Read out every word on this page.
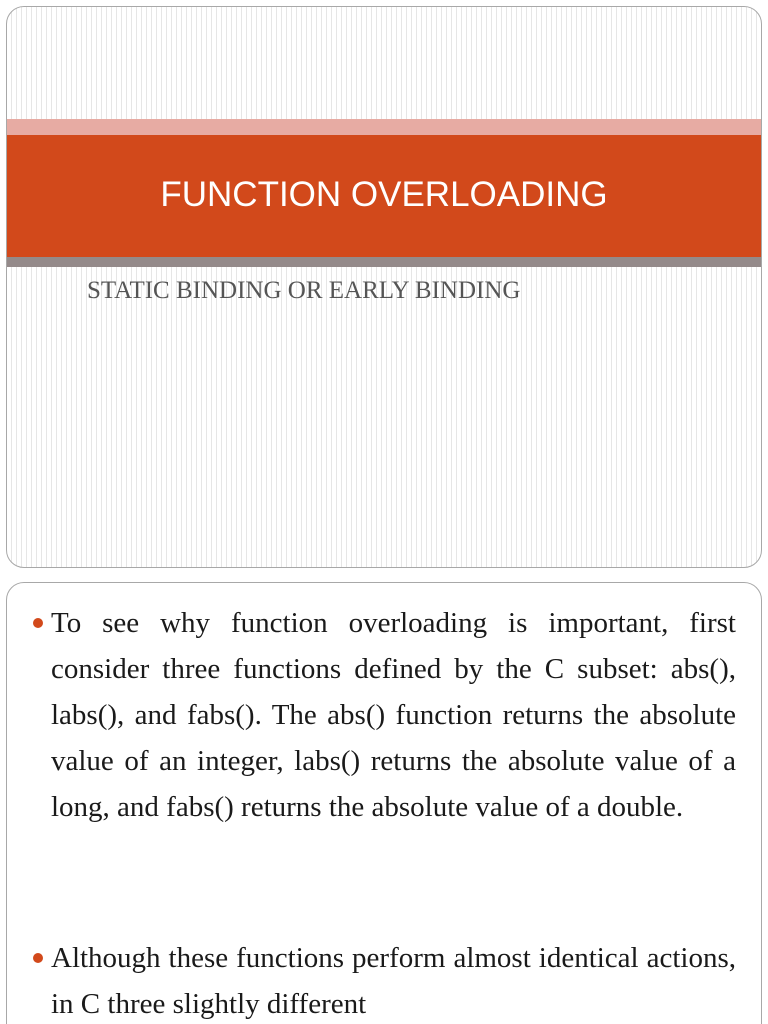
FUNCTION OVERLOADING
STATIC BINDING OR EARLY BINDING
To see why function overloading is important, first consider three functions defined by the C subset: abs(), labs(), and fabs(). The abs() function returns the absolute value of an integer, labs() returns the absolute value of a long, and fabs() returns the absolute value of a double.
Although these functions perform almost identical actions, in C three slightly different
